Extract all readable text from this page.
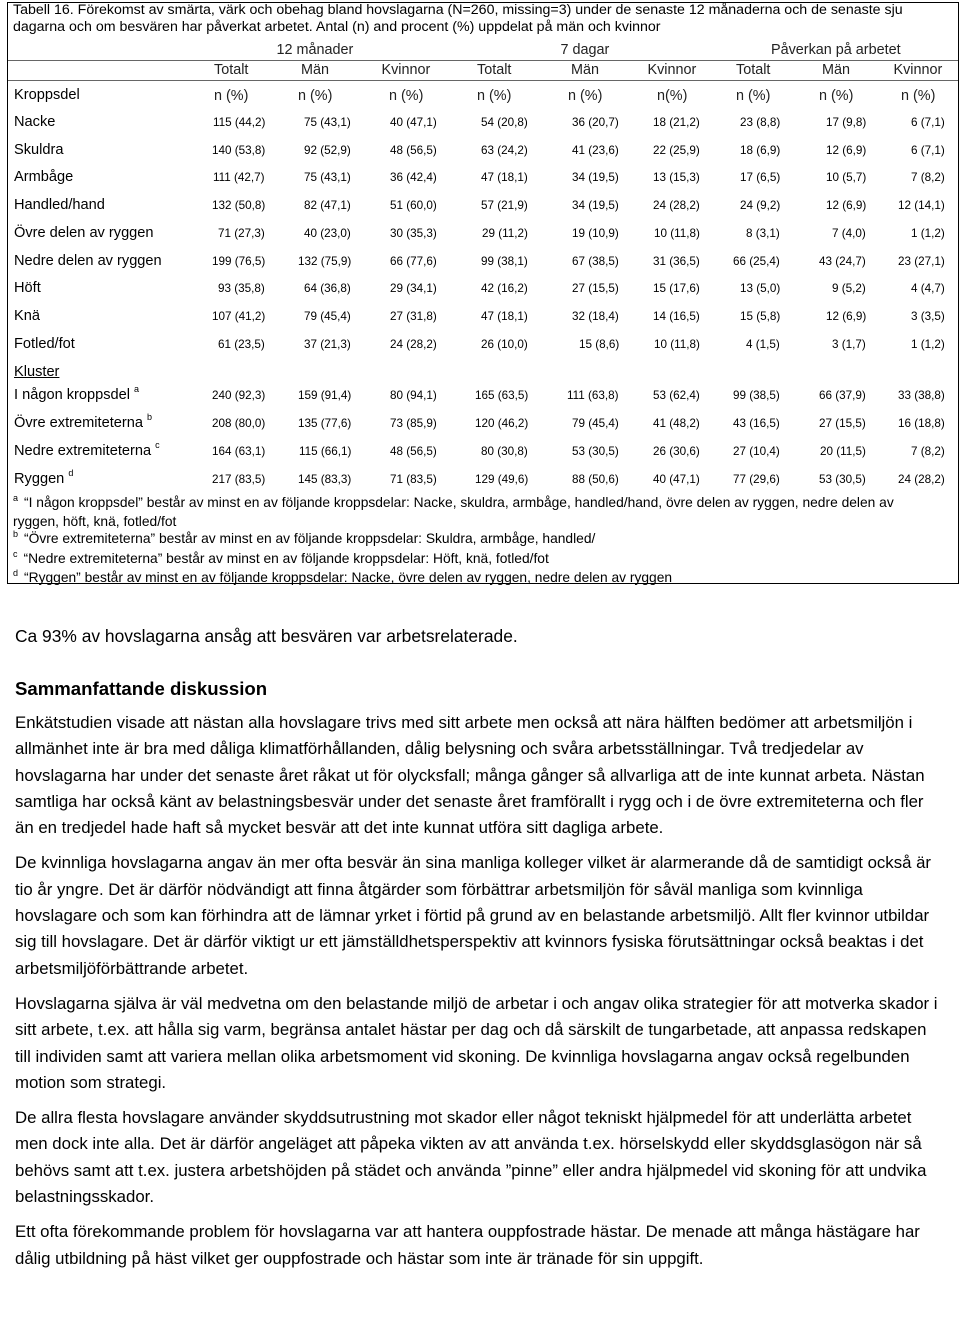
Tabell 16. Förekomst av smärta, värk och obehag bland hovslagarna (N=260, missing=3) under de senaste 12 månaderna och de senaste sju dagarna och om besvären har påverkat arbetet. Antal (n) and procent (%) uppdelat på män och kvinnor
12 månader	7 dagar	Påverkan på arbetet
Totalt	Män	Kvinnor	Totalt	Män	Kvinnor	Totalt	Män	Kvinnor
Kroppsdel	n (%)	n (%)	n (%)	n (%)	n (%)	n(%)	n (%)	n (%)	n (%)
Nacke	115 (44,2)	75 (43,1)	40 (47,1)	54 (20,8)	36 (20,7)	18 (21,2)	23 (8,8)	17 (9,8)	6 (7,1)
Skuldra	140 (53,8)	92 (52,9)	48 (56,5)	63 (24,2)	41 (23,6)	22 (25,9)	18 (6,9)	12 (6,9)	6 (7,1)
Armbåge	111 (42,7)	75 (43,1)	36 (42,4)	47 (18,1)	34 (19,5)	13 (15,3)	17 (6,5)	10 (5,7)	7 (8,2)
Handled/hand	132 (50,8)	82 (47,1)	51 (60,0)	57 (21,9)	34 (19,5)	24 (28,2)	24 (9,2)	12 (6,9)	12 (14,1)
Övre delen av ryggen	71 (27,3)	40 (23,0)	30 (35,3)	29 (11,2)	19 (10,9)	10 (11,8)	8 (3,1)	7 (4,0)	1 (1,2)
Nedre delen av ryggen	199 (76,5)	132 (75,9)	66 (77,6)	99 (38,1)	67 (38,5)	31 (36,5)	66 (25,4)	43 (24,7)	23 (27,1)
Höft	93 (35,8)	64 (36,8)	29 (34,1)	42 (16,2)	27 (15,5)	15 (17,6)	13 (5,0)	9 (5,2)	4 (4,7)
Knä	107 (41,2)	79 (45,4)	27 (31,8)	47 (18,1)	32 (18,4)	14 (16,5)	15 (5,8)	12 (6,9)	3 (3,5)
Fotled/fot	61 (23,5)	37 (21,3)	24 (28,2)	26 (10,0)	15 (8,6)	10 (11,8)	4 (1,5)	3 (1,7)	1 (1,2)
I någon kroppsdel $^a$	240 (92,3)	159 (91,4)	80 (94,1)	165 (63,5)	111 (63,8)	53 (62,4)	99 (38,5)	66 (37,9)	33 (38,8)
Övre extremiteterna $^b$	208 (80,0)	135 (77,6)	73 (85,9)	120 (46,2)	79 (45,4)	41 (48,2)	43 (16,5)	27 (15,5)	16 (18,8)
Nedre extremiteterna $^c$	164 (63,1)	115 (66,1)	48 (56,5)	80 (30,8)	53 (30,5)	26 (30,6)	27 (10,4)	20 (11,5)	7 (8,2)
Ryggen $^d$	217 (83,5)	145 (83,3)	71 (83,5)	129 (49,6)	88 (50,6)	40 (47,1)	77 (29,6)	53 (30,5)	24 (28,2)
Kluster

$^a$ “I någon kroppsdel” består av minst en av följande kroppsdelar: Nacke, skuldra, armbåge, handled/hand, övre delen av ryggen, nedre delen av ryggen, höft, knä, fotled/fot

$^b$ “Övre extremiteterna” består av minst en av följande kroppsdelar: Skuldra, armbåge, handled/

$^c$ “Nedre extremiteterna” består av minst en av följande kroppsdelar: Höft, knä, fotled/fot

$^d$ “Ryggen” består av minst en av följande kroppsdelar: Nacke, övre delen av ryggen, nedre delen av ryggen

Ca 93% av hovslagarna ansåg att besvären var arbetsrelaterade.
Sammanfattande diskussion

Enkätstudien visade att nästan alla hovslagare trivs med sitt arbete men också att nära hälften bedömer att arbetsmiljön i allmänhet inte är bra med dåliga klimatförhållanden, dålig belysning och svåra arbetsställningar. Två tredjedelar av hovslagarna har under det senaste året råkat ut för olycksfall; många gånger så allvarliga att de inte kunnat arbeta. Nästan samtliga har också känt av belastningsbesvär under det senaste året framförallt i rygg och i de övre extremiteterna och fler än en tredjedel hade haft så mycket besvär att det inte kunnat utföra sitt dagliga arbete.

De kvinnliga hovslagarna angav än mer ofta besvär än sina manliga kolleger vilket är alarmerande då de samtidigt också är tio år yngre. Det är därför nödvändigt att finna åtgärder som förbättrar arbetsmiljön för såväl manliga som kvinnliga hovslagare och som kan förhindra att de lämnar yrket i förtid på grund av en belastande arbetsmiljö. Allt fler kvinnor utbildar sig till hovslagare. Det är därför viktigt ur ett jämställdhetsperspektiv att kvinnors fysiska förutsättningar också beaktas i det arbetsmiljöförbättrande arbetet.

Hovslagarna själva är väl medvetna om den belastande miljö de arbetar i och angav olika strategier för att motverka skador i sitt arbete, t.ex. att hålla sig varm, begränsa antalet hästar per dag och då särskilt de tungarbetade, att anpassa redskapen till individen samt att variera mellan olika arbetsmoment vid skoning. De kvinnliga hovslagarna angav också regelbunden motion som strategi.

De allra flesta hovslagare använder skyddsutrustning mot skador eller något tekniskt hjälpmedel för att underlätta arbetet men dock inte alla. Det är därför angeläget att påpeka vikten av att använda t.ex. hörselskydd eller skyddsglasögon när så behövs samt att t.ex. justera arbetshöjden på städet och använda ”pinne” eller andra hjälpmedel vid skoning för att undvika belastningsskador.

Ett ofta förekommande problem för hovslagarna var att hantera ouppfostrade hästar. De menade att många hästägare har dålig utbildning på häst vilket ger ouppfostrade och hästar som inte är tränade för sin uppgift.
